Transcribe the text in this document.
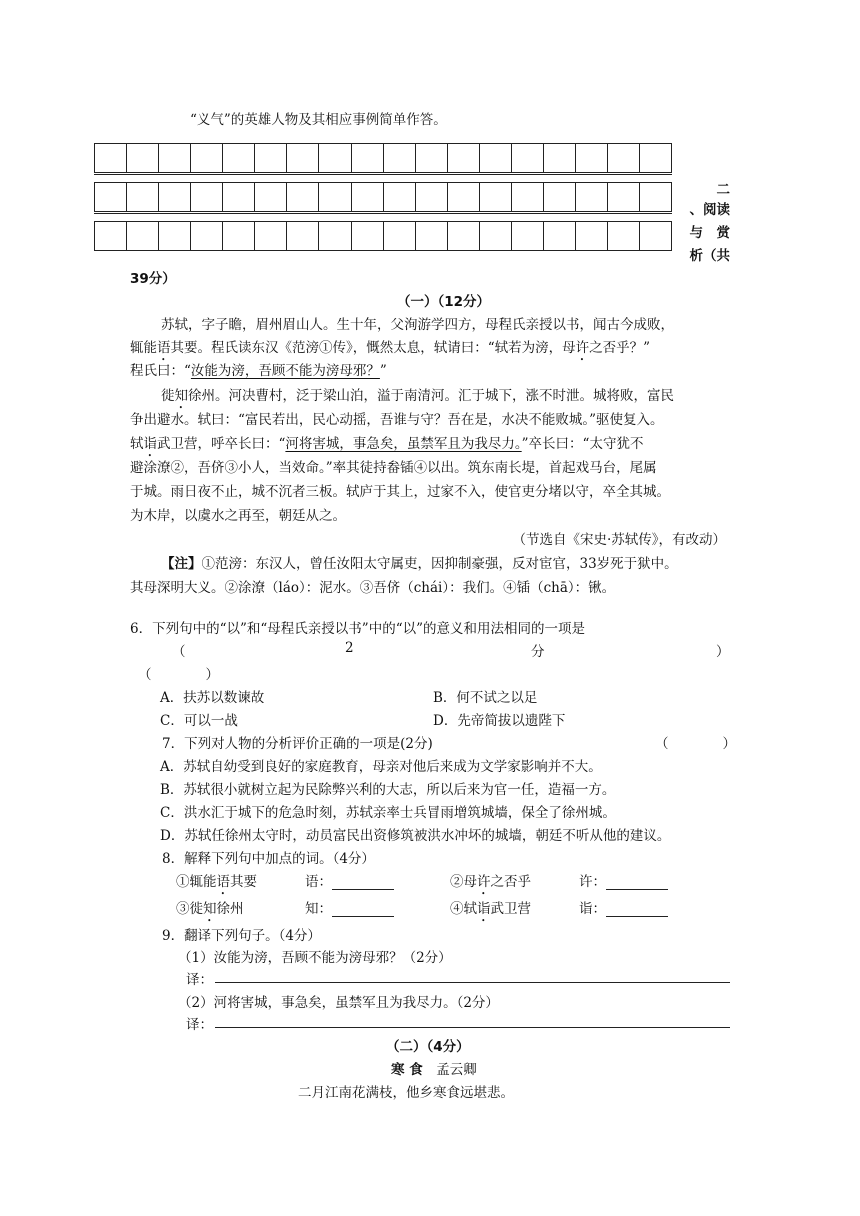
“义气”的英雄人物及其相应事例简单作答。
二
、阅读
与　赏
析（共
39分）
（一）（12分）
苏轼，字子瞻，眉州眉山人。生十年，父洵游学四方，母程氏亲授以书，闻古今成败，
辄能语其要。程氏读东汉《范滂①传》，慨然太息，轼请曰：“轼若为滂，母许之否乎？”
程氏曰：“汝能为滂，吾顾不能为滂母邪？”
徙知徐州。河决曹村，泛于梁山泊，溢于南清河。汇于城下，涨不时泄。城将败，富民
争出避水。轼曰：“富民若出，民心动摇，吾谁与守？吾在是，水决不能败城。”驱使复入。
轼诣武卫营，呼卒长曰：“河将害城，事急矣，虽禁军且为我尽力。”卒长曰：“太守犹不
避涂潦②，吾侪③小人，当效命。”率其徒持畚锸④以出。筑东南长堤，首起戏马台，尾属
于城。雨日夜不止，城不沉者三板。轼庐于其上，过家不入，使官吏分堵以守，卒全其城。
为木岸，以虞水之再至，朝廷从之。
（节选自《宋史·苏轼传》，有改动）
【注】①范滂：东汉人，曾任汝阳太守属吏，因抑制豪强，反对宦官，33岁死于狱中。
其母深明大义。②涂潦（láo）：泥水。③吾侪（chái）：我们。④锸（chā）：锹。
6．下列句中的“以”和“母程氏亲授以书”中的“以”的意义和用法相同的一项是
（	2	分	）
（　　　　）
A．扶苏以数谏故	B．何不试之以足
C．可以一战	D．先帝简拔以遗陛下
7．下列对人物的分析评价正确的一项是(2分)	（　　　　）
A．苏轼自幼受到良好的家庭教育，母亲对他后来成为文学家影响并不大。
B．苏轼很小就树立起为民除弊兴利的大志，所以后来为官一任，造福一方。
C．洪水汇于城下的危急时刻，苏轼亲率士兵冒雨增筑城墙，保全了徐州城。
D．苏轼任徐州太守时，动员富民出资修筑被洪水冲坏的城墙，朝廷不听从他的建议。
8．解释下列句中加点的词。（4分）
①辄能语其要	语：	②母许之否乎	许：
③徙知徐州	知：	④轼诣武卫营	诣：
9．翻译下列句子。（4分）
（1）汝能为滂，吾顾不能为滂母邪？（2分）
译：
（2）河将害城，事急矣，虽禁军且为我尽力。（2分）
译：
（二）（4分）
寒 食　 孟云卿
二月江南花满枝，他乡寒食远堪悲。
